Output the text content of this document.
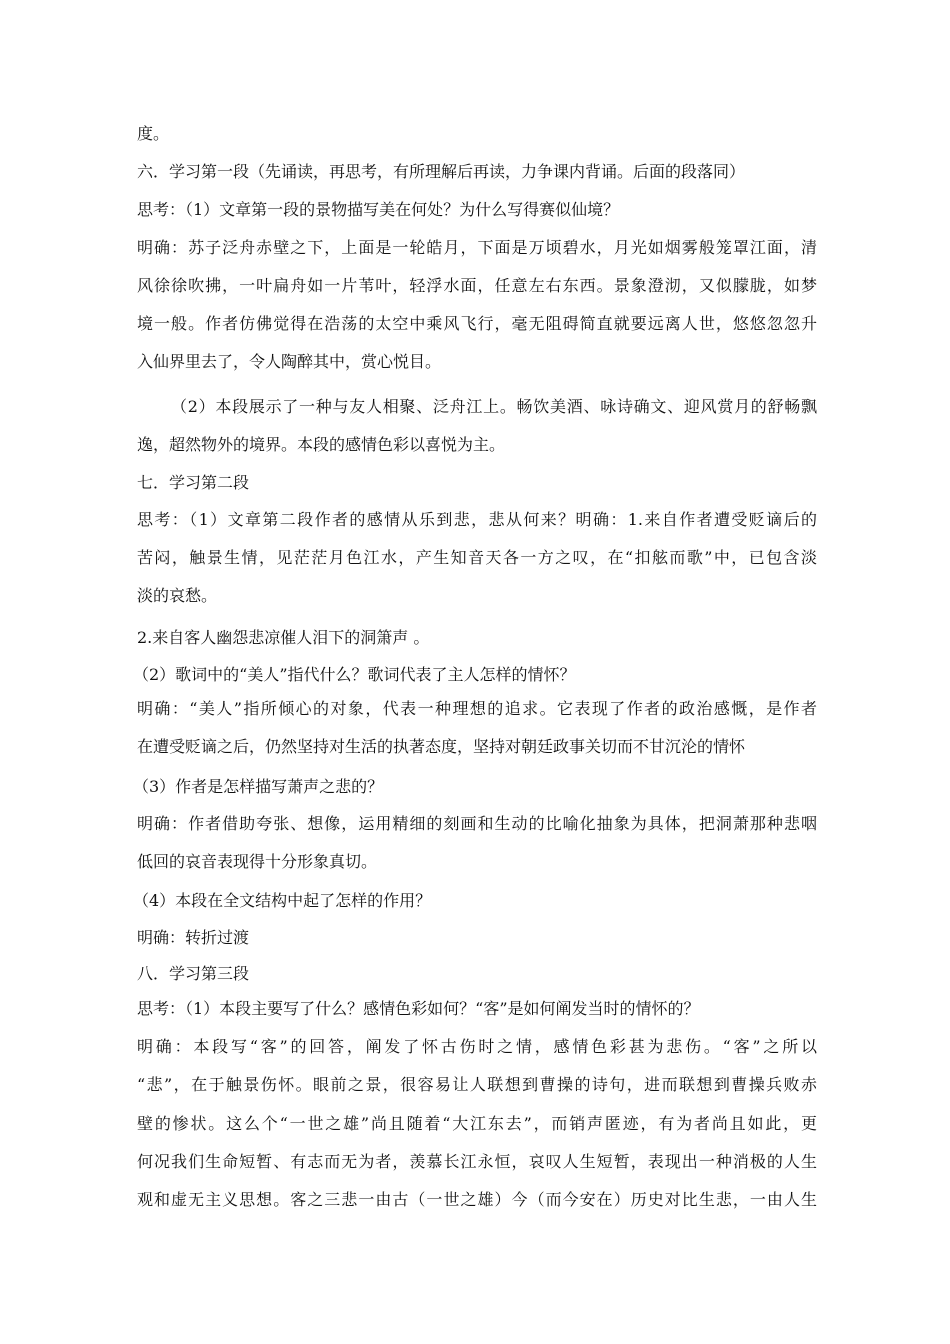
度。
六．学习第一段（先诵读，再思考，有所理解后再读，力争课内背诵。后面的段落同）
思考：（1）文章第一段的景物描写美在何处？为什么写得赛似仙境？
明确：苏子泛舟赤壁之下，上面是一轮皓月，下面是万顷碧水，月光如烟雾般笼罩江面，清
风徐徐吹拂，一叶扁舟如一片苇叶，轻浮水面，任意左右东西。景象澄沏，又似朦胧，如梦
境一般。作者仿佛觉得在浩荡的太空中乘风飞行，毫无阻碍简直就要远离人世，悠悠忽忽升
入仙界里去了，令人陶醉其中，赏心悦目。
（2）本段展示了一种与友人相聚、泛舟江上。畅饮美酒、咏诗确文、迎风赏月的舒畅飘
逸，超然物外的境界。本段的感情色彩以喜悦为主。
七．学习第二段
思考：（1）文章第二段作者的感情从乐到悲，悲从何来？明确：1.来自作者遭受贬谪后的
苦闷，触景生情，见茫茫月色江水，产生知音天各一方之叹，在“扣舷而歌”中，已包含淡
淡的哀愁。
2.来自客人幽怨悲凉催人泪下的洞箫声 。
（2）歌词中的“美人”指代什么？歌词代表了主人怎样的情怀？
明确：“美人”指所倾心的对象，代表一种理想的追求。它表现了作者的政治感慨，是作者
在遭受贬谪之后，仍然坚持对生活的执著态度，坚持对朝廷政事关切而不甘沉沦的情怀
（3）作者是怎样描写萧声之悲的？
明确：作者借助夸张、想像，运用精细的刻画和生动的比喻化抽象为具体，把洞萧那种悲咽
低回的哀音表现得十分形象真切。
（4）本段在全文结构中起了怎样的作用？
明确：转折过渡
八．学习第三段
思考：（1）本段主要写了什么？感情色彩如何？“客”是如何阐发当时的情怀的？
明确：本段写“客”的回答，阐发了怀古伤时之情，感情色彩甚为悲伤。“客”之所以
“悲”，在于触景伤怀。眼前之景，很容易让人联想到曹操的诗句，进而联想到曹操兵败赤
壁的惨状。这么个“一世之雄”尚且随着“大江东去”，而销声匿迹，有为者尚且如此，更
何况我们生命短暂、有志而无为者，羡慕长江永恒，哀叹人生短暂，表现出一种消极的人生
观和虚无主义思想。客之三悲一由古（一世之雄）今（而今安在）历史对比生悲，一由人生
